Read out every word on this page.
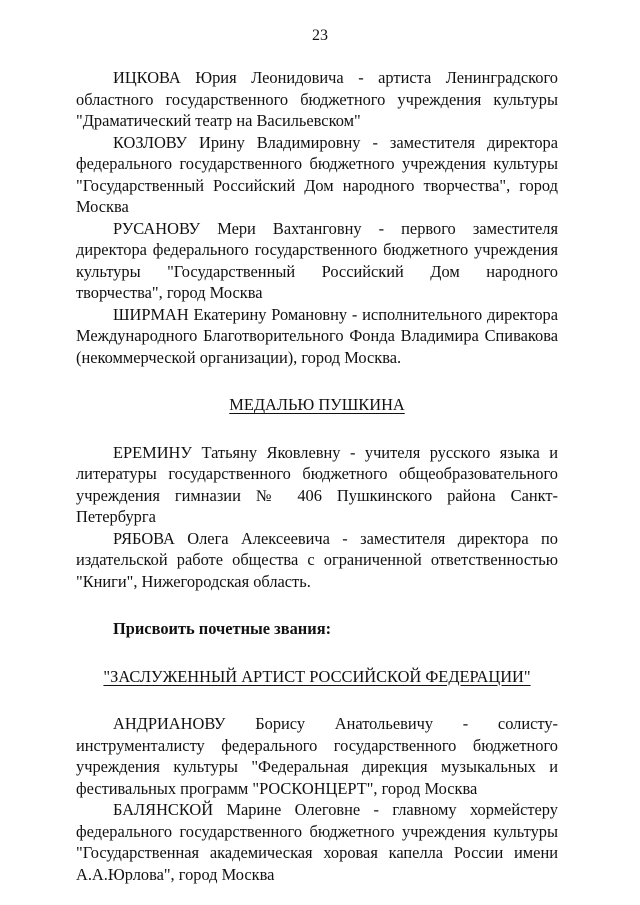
23

ИЦКОВА Юрия Леонидовича - артиста Ленинградского областного государственного бюджетного учреждения культуры "Драматический театр на Васильевском"

КОЗЛОВУ Ирину Владимировну - заместителя директора федерального государственного бюджетного учреждения культуры "Государственный Российский Дом народного творчества", город Москва

РУСАНОВУ Мери Вахтанговну - первого заместителя директора федерального государственного бюджетного учреждения культуры "Государственный Российский Дом народного творчества", город Москва

ШИРМАН Екатерину Романовну - исполнительного директора Международного Благотворительного Фонда Владимира Спивакова (некоммерческой организации), город Москва.

МЕДАЛЬЮ ПУШКИНА

ЕРЕМИНУ Татьяну Яковлевну - учителя русского языка и литературы государственного бюджетного общеобразовательного учреждения гимназии № 406 Пушкинского района Санкт-Петербурга

РЯБОВА Олега Алексеевича - заместителя директора по издательской работе общества с ограниченной ответственностью "Книги", Нижегородская область.

Присвоить почетные звания:

"ЗАСЛУЖЕННЫЙ АРТИСТ РОССИЙСКОЙ ФЕДЕРАЦИИ"

АНДРИАНОВУ Борису Анатольевичу - солисту-инструменталисту федерального государственного бюджетного учреждения культуры "Федеральная дирекция музыкальных и фестивальных программ "РОСКОНЦЕРТ", город Москва

БАЛЯНСКОЙ Марине Олеговне - главному хормейстеру федерального государственного бюджетного учреждения культуры "Государственная академическая хоровая капелла России имени А.А.Юрлова", город Москва
